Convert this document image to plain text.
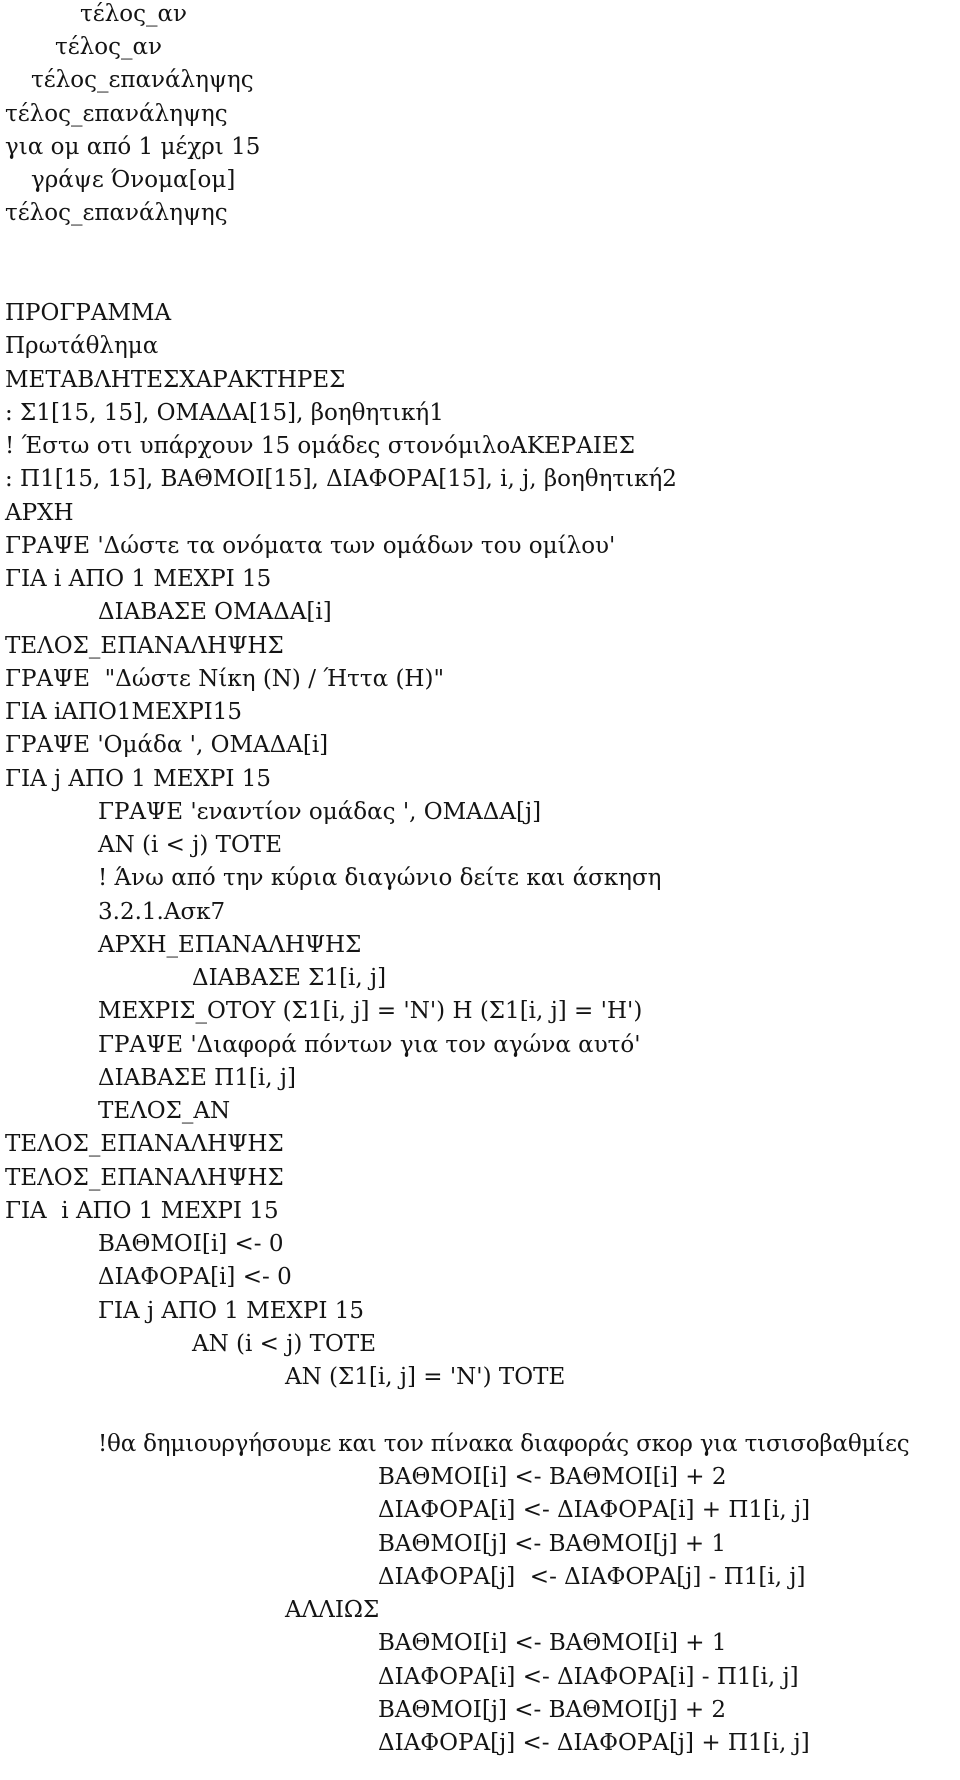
τέλος_αν
τέλος_αν
τέλος_επανάληψης
τέλος_επανάληψης
για ομ από 1 μέχρι 15
γράψε Όνομα[ομ]
τέλος_επανάληψης
ΠΡΟΓΡΑΜΜΑ
Πρωτάθλημα
ΜΕΤΑΒΛΗΤΕΣΧΑΡΑΚΤΗΡΕΣ
: Σ1[15, 15], ΟΜΑΔΑ[15], βοηθητική1
! Έστω οτι υπάρχουν 15 ομάδες στονόμιλοΑΚΕΡΑΙΕΣ
: Π1[15, 15], ΒΑΘΜΟΙ[15], ΔΙΑΦΟΡΑ[15], i, j, βοηθητική2
ΑΡΧΗ
ΓΡΑΨΕ 'Δώστε τα ονόματα των ομάδων του ομίλου'
ΓΙΑ i ΑΠΟ 1 ΜΕΧΡΙ 15
ΔΙΑΒΑΣΕ ΟΜΑΔΑ[i]
ΤΕΛΟΣ_ΕΠΑΝΑΛΗΨΗΣ
ΓΡΑΨΕ  "Δώστε Νίκη (Ν) / Ήττα (Η)"
ΓΙΑ iΑΠΟ1ΜΕΧΡΙ15
ΓΡΑΨΕ 'Ομάδα ', ΟΜΑΔΑ[i]
ΓΙΑ j ΑΠΟ 1 ΜΕΧΡΙ 15
ΓΡΑΨΕ 'εναντίον ομάδας ', ΟΜΑΔΑ[j]
ΑΝ (i < j) ΤΟΤΕ
! Άνω από την κύρια διαγώνιο δείτε και άσκηση
3.2.1.Ασκ7
ΑΡΧΗ_ΕΠΑΝΑΛΗΨΗΣ
ΔΙΑΒΑΣΕ Σ1[i, j]
ΜΕΧΡΙΣ_ΟΤΟΥ (Σ1[i, j] = 'Ν') Η (Σ1[i, j] = 'Η')
ΓΡΑΨΕ 'Διαφορά πόντων για τον αγώνα αυτό'
ΔΙΑΒΑΣΕ Π1[i, j]
ΤΕΛΟΣ_ΑΝ
ΤΕΛΟΣ_ΕΠΑΝΑΛΗΨΗΣ
ΤΕΛΟΣ_ΕΠΑΝΑΛΗΨΗΣ
ΓΙΑ  i ΑΠΟ 1 ΜΕΧΡΙ 15
ΒΑΘΜΟΙ[i] <- 0
ΔΙΑΦΟΡΑ[i] <- 0
ΓΙΑ j ΑΠΟ 1 ΜΕΧΡΙ 15
ΑΝ (i < j) ΤΟΤΕ
ΑΝ (Σ1[i, j] = 'Ν') ΤΟΤΕ
!θα δημιουργήσουμε και τον πίνακα διαφοράς σκορ για τισισοβαθμίες
ΒΑΘΜΟΙ[i] <- ΒΑΘΜΟΙ[i] + 2
ΔΙΑΦΟΡΑ[i] <- ΔΙΑΦΟΡΑ[i] + Π1[i, j]
ΒΑΘΜΟΙ[j] <- ΒΑΘΜΟΙ[j] + 1
ΔΙΑΦΟΡΑ[j]  <- ΔΙΑΦΟΡΑ[j] - Π1[i, j]
ΑΛΛΙΩΣ
ΒΑΘΜΟΙ[i] <- ΒΑΘΜΟΙ[i] + 1
ΔΙΑΦΟΡΑ[i] <- ΔΙΑΦΟΡΑ[i] - Π1[i, j]
ΒΑΘΜΟΙ[j] <- ΒΑΘΜΟΙ[j] + 2
ΔΙΑΦΟΡΑ[j] <- ΔΙΑΦΟΡΑ[j] + Π1[i, j]
